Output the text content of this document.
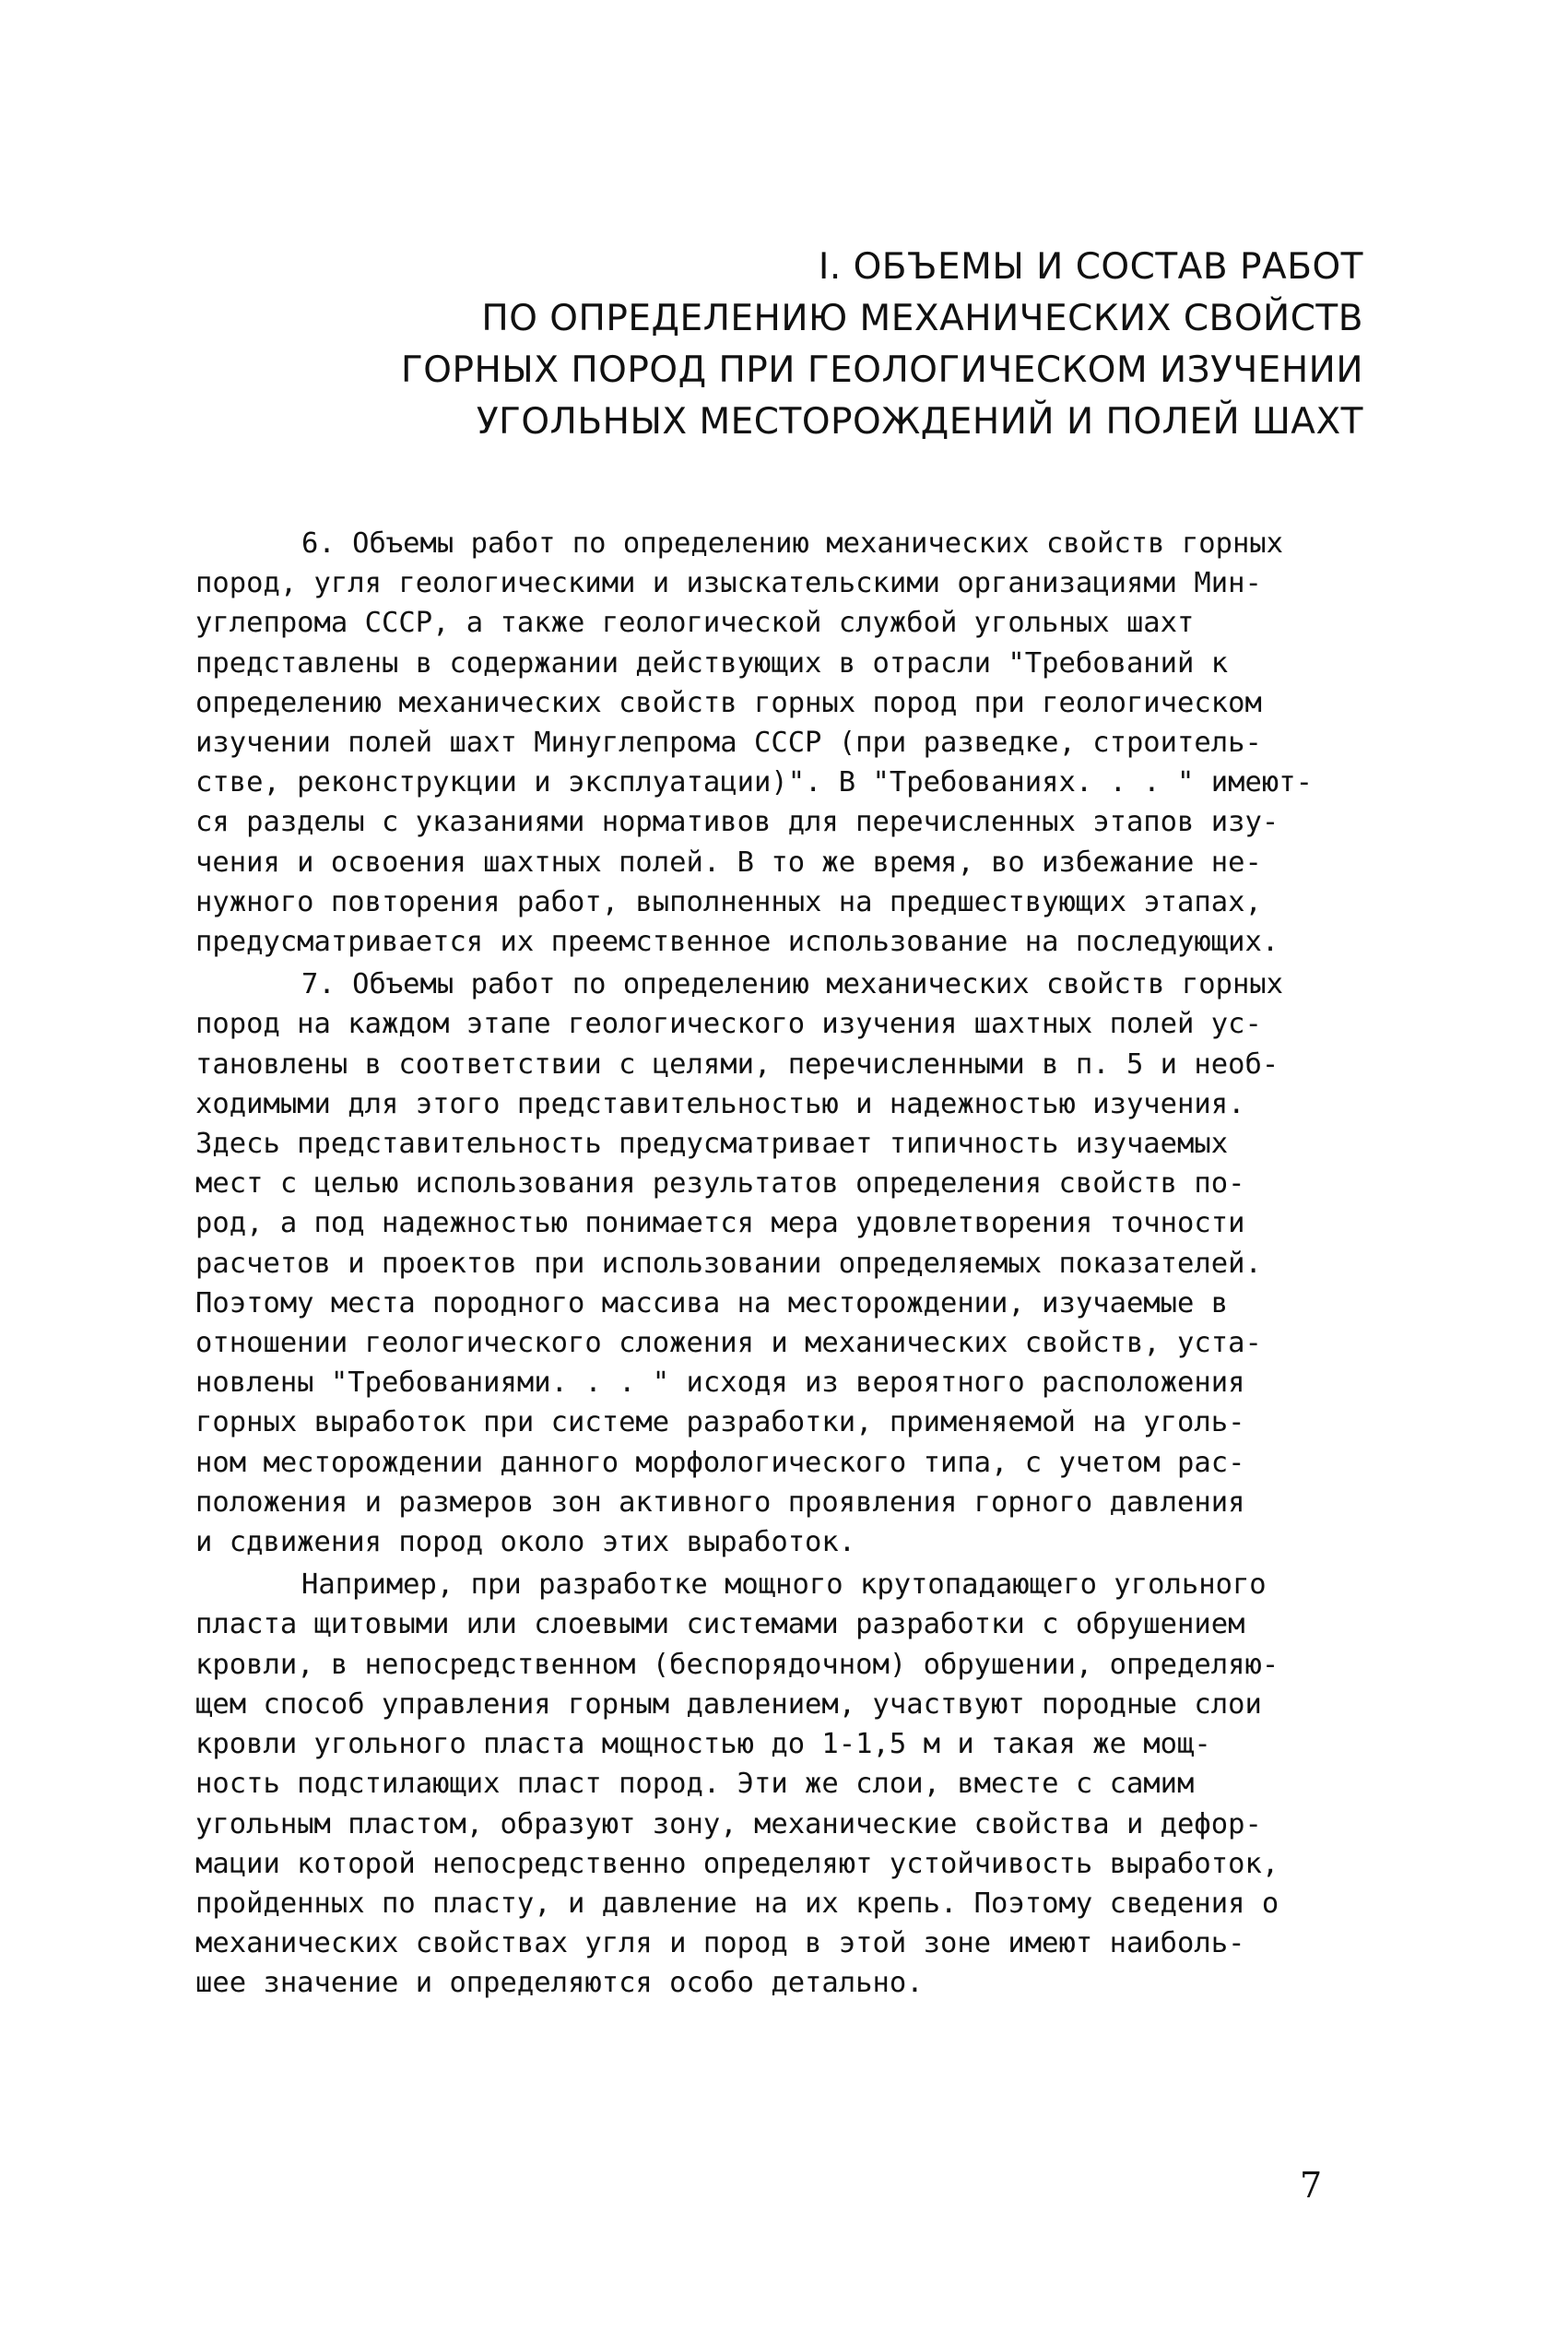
I. ОБЪЕМЫ И СОСТАВ РАБОТ
ПО ОПРЕДЕЛЕНИЮ МЕХАНИЧЕСКИХ СВОЙСТВ
ГОРНЫХ ПОРОД ПРИ ГЕОЛОГИЧЕСКОМ ИЗУЧЕНИИ
УГОЛЬНЫХ МЕСТОРОЖДЕНИЙ И ПОЛЕЙ ШАХТ
6. Объемы работ по определению механических свойств горных
пород, угля геологическими и изыскательскими организациями Мин-
углепрома СССР, а также геологической службой угольных шахт
представлены в содержании действующих в отрасли "Требований к
определению механических свойств горных пород при геологическом
изучении полей шахт Минуглепрома СССР (при разведке, строитель-
стве, реконструкции и эксплуатации)". В "Требованиях. . . " имеют-
ся разделы с указаниями нормативов для перечисленных этапов изу-
чения и освоения шахтных полей. В то же время, во избежание не-
нужного повторения работ, выполненных на предшествующих этапах,
предусматривается их преемственное использование на последующих.
7. Объемы работ по определению механических свойств горных
пород на каждом этапе геологического изучения шахтных полей ус-
тановлены в соответствии с целями, перечисленными в п. 5 и необ-
ходимыми для этого представительностью и надежностью изучения.
Здесь представительность предусматривает типичность изучаемых
мест с целью использования результатов определения свойств по-
род, а под надежностью понимается мера удовлетворения точности
расчетов и проектов при использовании определяемых показателей.
Поэтому места породного массива на месторождении, изучаемые в
отношении геологического сложения и механических свойств, уста-
новлены "Требованиями. . . " исходя из вероятного расположения
горных выработок при системе разработки, применяемой на уголь-
ном месторождении данного морфологического типа, с учетом рас-
положения и размеров зон активного проявления горного давления
и сдвижения пород около этих выработок.
Например, при разработке мощного крутопадающего угольного
пласта щитовыми или слоевыми системами разработки с обрушением
кровли, в непосредственном (беспорядочном) обрушении, определяю-
щем способ управления горным давлением, участвуют породные слои
кровли угольного пласта мощностью до 1-1,5 м и такая же мощ-
ность подстилающих пласт пород. Эти же слои, вместе с самим
угольным пластом, образуют зону, механические свойства и дефор-
мации которой непосредственно определяют устойчивость выработок,
пройденных по пласту, и давление на их крепь. Поэтому сведения о
механических свойствах угля и пород в этой зоне имеют наиболь-
шее значение и определяются особо детально.
7
